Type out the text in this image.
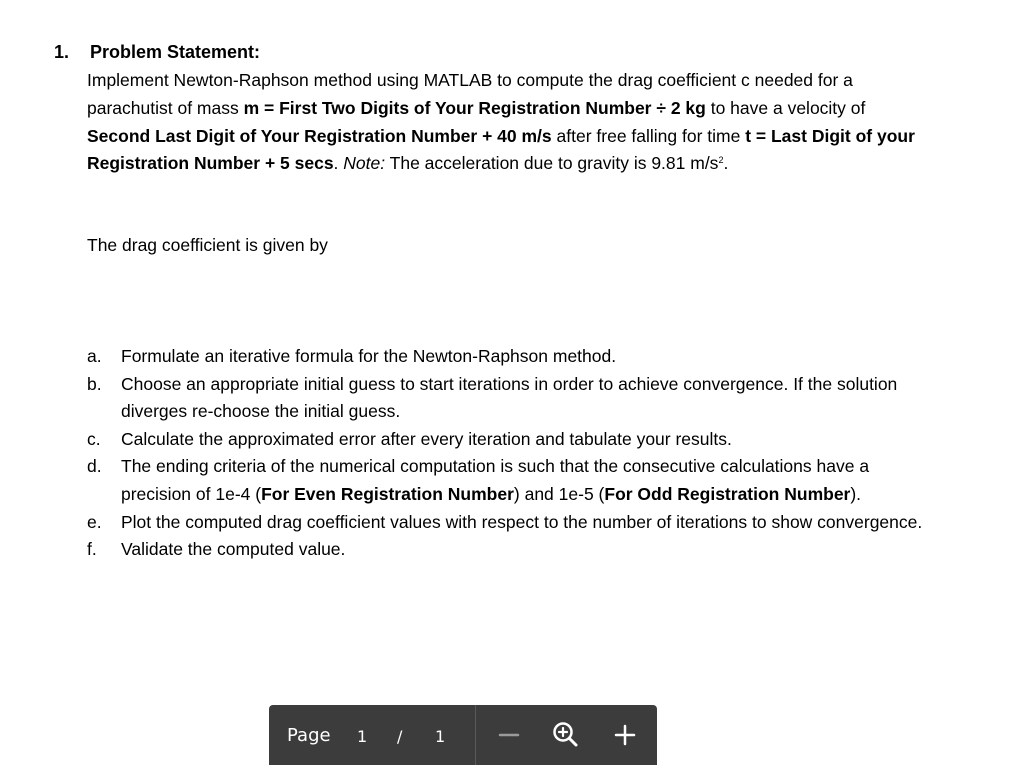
1. Problem Statement:
Implement Newton-Raphson method using MATLAB to compute the drag coefficient c needed for a parachutist of mass m = First Two Digits of Your Registration Number ÷ 2 kg to have a velocity of Second Last Digit of Your Registration Number + 40 m/s after free falling for time t = Last Digit of your Registration Number + 5 secs. Note: The acceleration due to gravity is 9.81 $m/s^2$.
The drag coefficient is given by
a.	Formulate an iterative formula for the Newton-Raphson method.
b.	Choose an appropriate initial guess to start iterations in order to achieve convergence. If the solution diverges re-choose the initial guess.
c.	Calculate the approximated error after every iteration and tabulate your results.
d.	The ending criteria of the numerical computation is such that the consecutive calculations have a precision of 1e-4 (For Even Registration Number) and 1e-5 (For Odd Registration Number).
e.	Plot the computed drag coefficient values with respect to the number of iterations to show convergence.
f.	Validate the computed value.
Page 1 / 1
